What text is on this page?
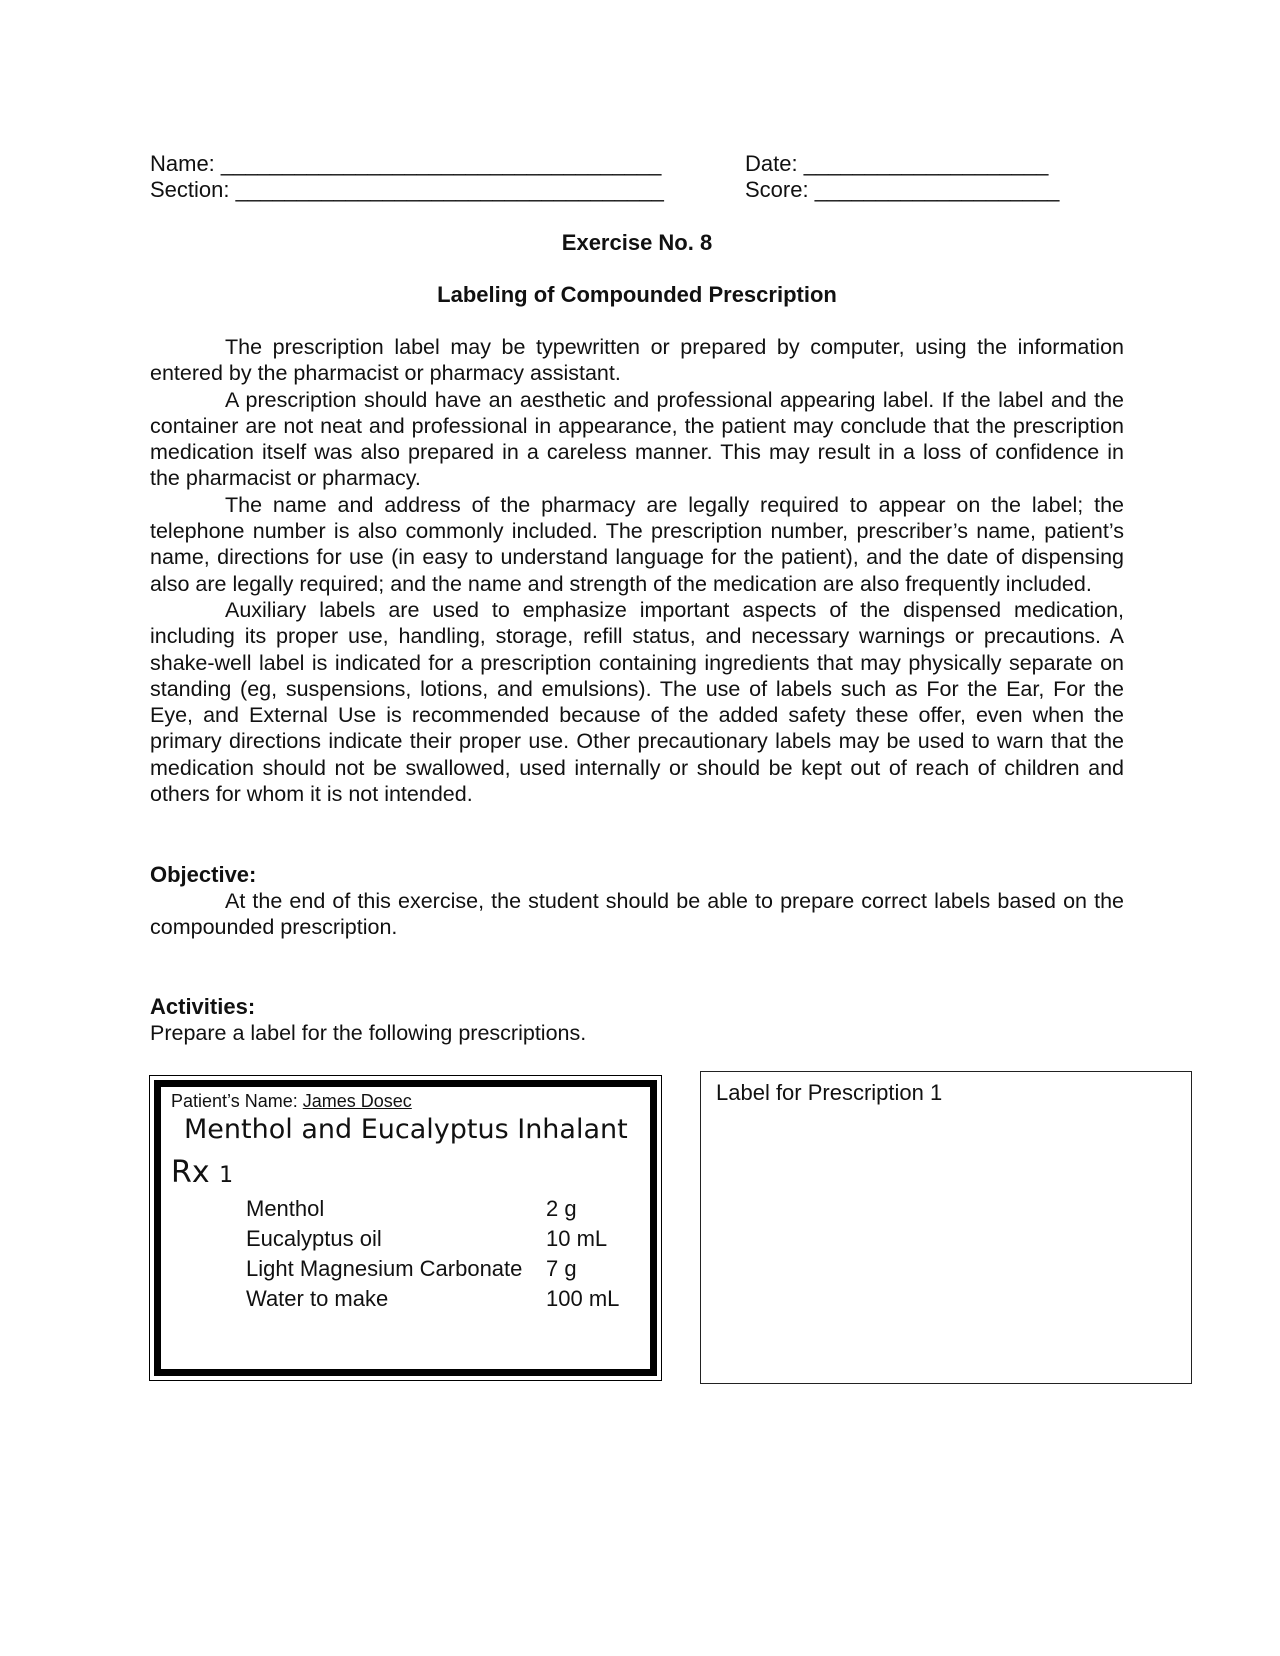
Name: ____________________________________	Date: ____________________
Section: ___________________________________	Score: ____________________
Exercise No. 8
Labeling of Compounded Prescription

The prescription label may be typewritten or prepared by computer, using the information entered by the pharmacist or pharmacy assistant.

A prescription should have an aesthetic and professional appearing label. If the label and the container are not neat and professional in appearance, the patient may conclude that the prescription medication itself was also prepared in a careless manner. This may result in a loss of confidence in the pharmacist or pharmacy.

The name and address of the pharmacy are legally required to appear on the label; the telephone number is also commonly included. The prescription number, prescriber’s name, patient’s name, directions for use (in easy to understand language for the patient), and the date of dispensing also are legally required; and the name and strength of the medication are also frequently included.

Auxiliary labels are used to emphasize important aspects of the dispensed medication, including its proper use, handling, storage, refill status, and necessary warnings or precautions. A shake-well label is indicated for a prescription containing ingredients that may physically separate on standing (eg, suspensions, lotions, and emulsions). The use of labels such as For the Ear, For the Eye, and External Use is recommended because of the added safety these offer, even when the primary directions indicate their proper use. Other precautionary labels may be used to warn that the medication should not be swallowed, used internally or should be kept out of reach of children and others for whom it is not intended.

Objective:

At the end of this exercise, the student should be able to prepare correct labels based on the compounded prescription.

Activities:
Prepare a label for the following prescriptions.
Patient’s Name: James Dosec
Menthol and Eucalyptus Inhalant
Rx 1
Menthol	2 g
Eucalyptus oil	10 mL
Light Magnesium Carbonate	7 g
Water to make	100 mL
Label for Prescription 1
